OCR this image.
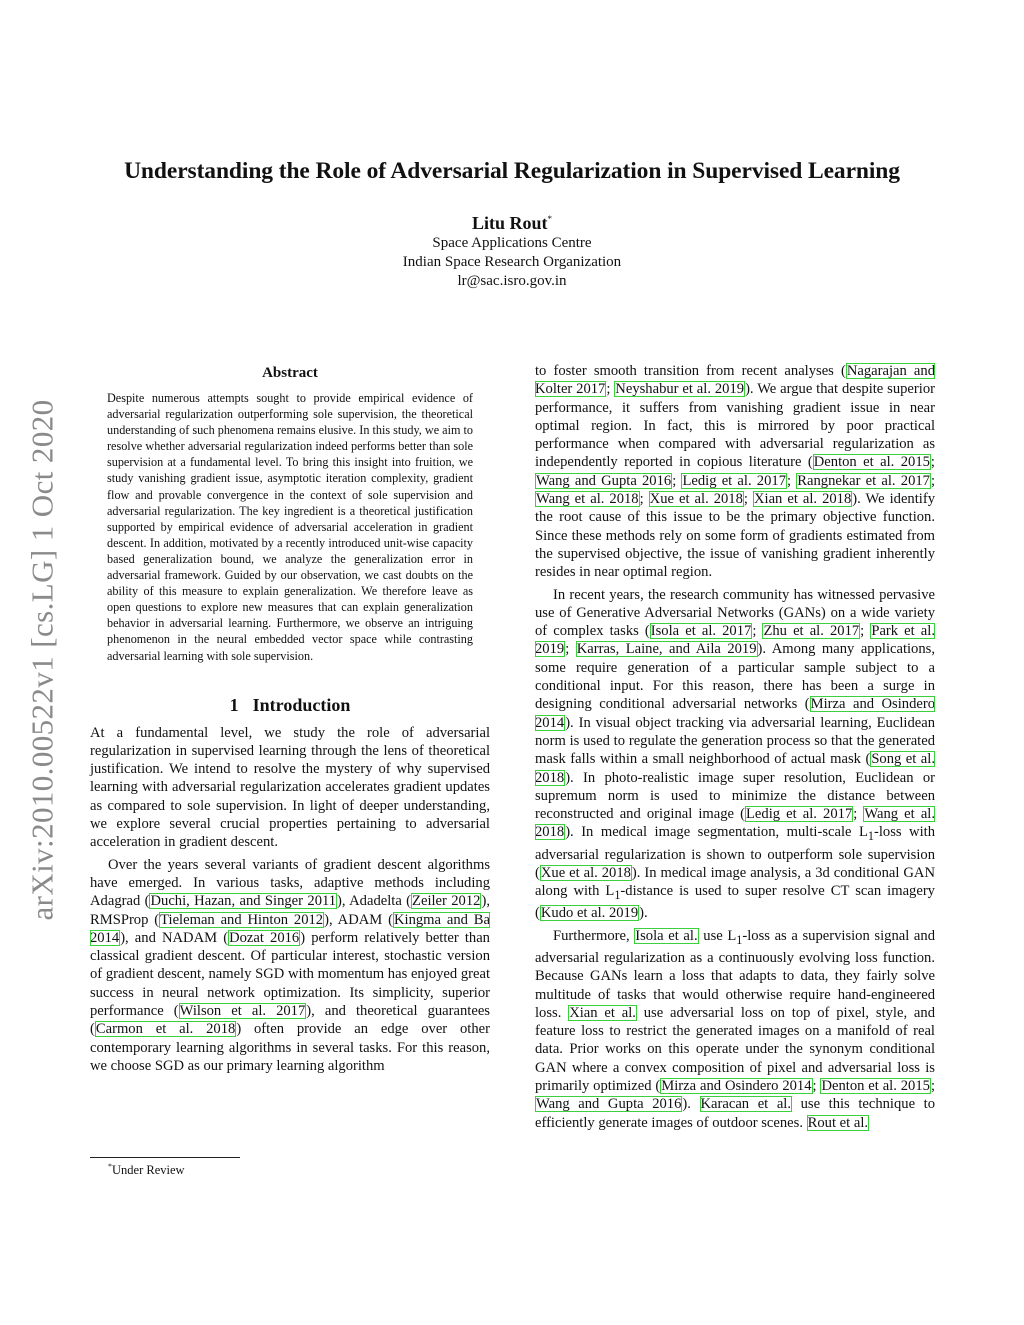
arXiv:2010.00522v1 [cs.LG] 1 Oct 2020
Understanding the Role of Adversarial Regularization in Supervised Learning
Litu Rout*
Space Applications Centre
Indian Space Research Organization
lr@sac.isro.gov.in
Abstract

Despite numerous attempts sought to provide empirical evidence of adversarial regularization outperforming sole supervision, the theoretical understanding of such phenomena remains elusive. In this study, we aim to resolve whether adversarial regularization indeed performs better than sole supervision at a fundamental level. To bring this insight into fruition, we study vanishing gradient issue, asymptotic iteration complexity, gradient flow and provable convergence in the context of sole supervision and adversarial regularization. The key ingredient is a theoretical justification supported by empirical evidence of adversarial acceleration in gradient descent. In addition, motivated by a recently introduced unit-wise capacity based generalization bound, we analyze the generalization error in adversarial framework. Guided by our observation, we cast doubts on the ability of this measure to explain generalization. We therefore leave as open questions to explore new measures that can explain generalization behavior in adversarial learning. Furthermore, we observe an intriguing phenomenon in the neural embedded vector space while contrasting adversarial learning with sole supervision.

1 Introduction

At a fundamental level, we study the role of adversarial regularization in supervised learning through the lens of theoretical justification. We intend to resolve the mystery of why supervised learning with adversarial regularization accelerates gradient updates as compared to sole supervision. In light of deeper understanding, we explore several crucial properties pertaining to adversarial acceleration in gradient descent.

Over the years several variants of gradient descent algorithms have emerged. In various tasks, adaptive methods including Adagrad (Duchi, Hazan, and Singer 2011), Adadelta (Zeiler 2012), RMSProp (Tieleman and Hinton 2012), ADAM (Kingma and Ba 2014), and NADAM (Dozat 2016) perform relatively better than classical gradient descent. Of particular interest, stochastic version of gradient descent, namely SGD with momentum has enjoyed great success in neural network optimization. Its simplicity, superior performance (Wilson et al. 2017), and theoretical guarantees (Carmon et al. 2018) often provide an edge over other contemporary learning algorithms in several tasks. For this reason, we choose SGD as our primary learning algorithm

*Under Review

to foster smooth transition from recent analyses (Nagarajan and Kolter 2017; Neyshabur et al. 2019). We argue that despite superior performance, it suffers from vanishing gradient issue in near optimal region. In fact, this is mirrored by poor practical performance when compared with adversarial regularization as independently reported in copious literature (Denton et al. 2015; Wang and Gupta 2016; Ledig et al. 2017; Rangnekar et al. 2017; Wang et al. 2018; Xue et al. 2018; Xian et al. 2018). We identify the root cause of this issue to be the primary objective function. Since these methods rely on some form of gradients estimated from the supervised objective, the issue of vanishing gradient inherently resides in near optimal region.

In recent years, the research community has witnessed pervasive use of Generative Adversarial Networks (GANs) on a wide variety of complex tasks (Isola et al. 2017; Zhu et al. 2017; Park et al. 2019; Karras, Laine, and Aila 2019). Among many applications, some require generation of a particular sample subject to a conditional input. For this reason, there has been a surge in designing conditional adversarial networks (Mirza and Osindero 2014). In visual object tracking via adversarial learning, Euclidean norm is used to regulate the generation process so that the generated mask falls within a small neighborhood of actual mask (Song et al. 2018). In photo-realistic image super resolution, Euclidean or supremum norm is used to minimize the distance between reconstructed and original image (Ledig et al. 2017; Wang et al. 2018). In medical image segmentation, multi-scale $L_1$-loss with adversarial regularization is shown to outperform sole supervision (Xue et al. 2018). In medical image analysis, a 3d conditional GAN along with $L_1$-distance is used to super resolve CT scan imagery (Kudo et al. 2019).

Furthermore, Isola et al. use $L_1$-loss as a supervision signal and adversarial regularization as a continuously evolving loss function. Because GANs learn a loss that adapts to data, they fairly solve multitude of tasks that would otherwise require hand-engineered loss. Xian et al. use adversarial loss on top of pixel, style, and feature loss to restrict the generated images on a manifold of real data. Prior works on this operate under the synonym conditional GAN where a convex composition of pixel and adversarial loss is primarily optimized (Mirza and Osindero 2014; Denton et al. 2015; Wang and Gupta 2016). Karacan et al. use this technique to efficiently generate images of outdoor scenes. Rout et al.
